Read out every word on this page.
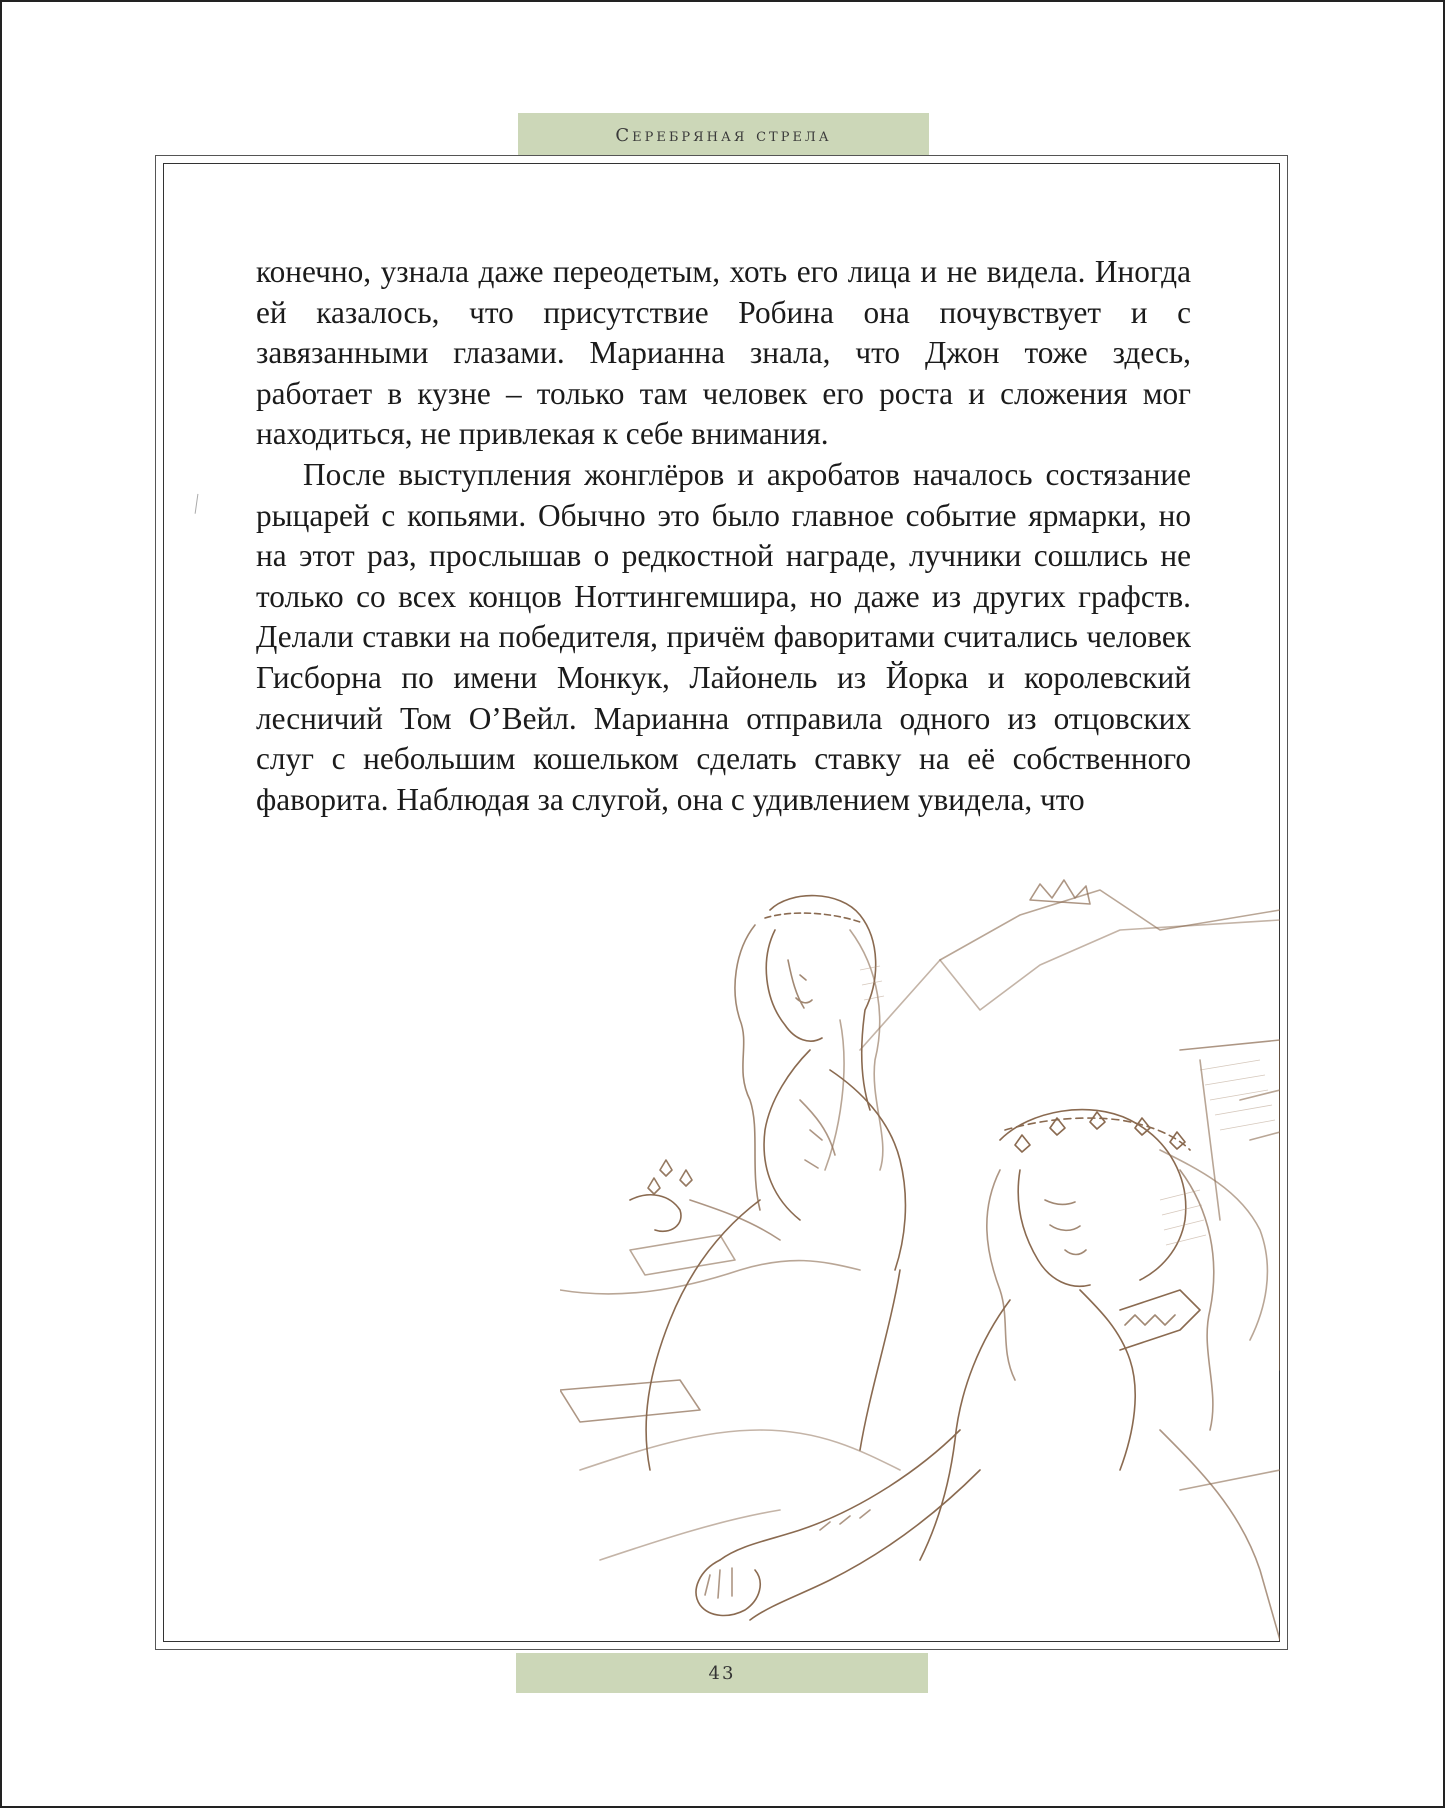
Серебряная стрела

конечно, узнала даже переодетым, хоть его лица и не видела. Иногда ей казалось, что присутствие Робина она почувствует и с завязанными глазами. Марианна знала, что Джон тоже здесь, работает в кузне – только там человек его роста и сложения мог находиться, не привлекая к себе внимания.

После выступления жонглёров и акробатов началось состязание рыцарей с копьями. Обычно это было главное событие ярмарки, но на этот раз, прослышав о редкостной награде, лучники сошлись не только со всех концов Ноттингемшира, но даже из других графств. Делали ставки на победителя, причём фаворитами считались человек Гисборна по имени Монкук, Лайонель из Йорка и королевский лесничий Том О’Вейл. Марианна отправила одного из отцовских слуг с небольшим кошельком сделать ставку на её собственного фаворита. Наблюдая за слугой, она с удивлением увидела, что

43
